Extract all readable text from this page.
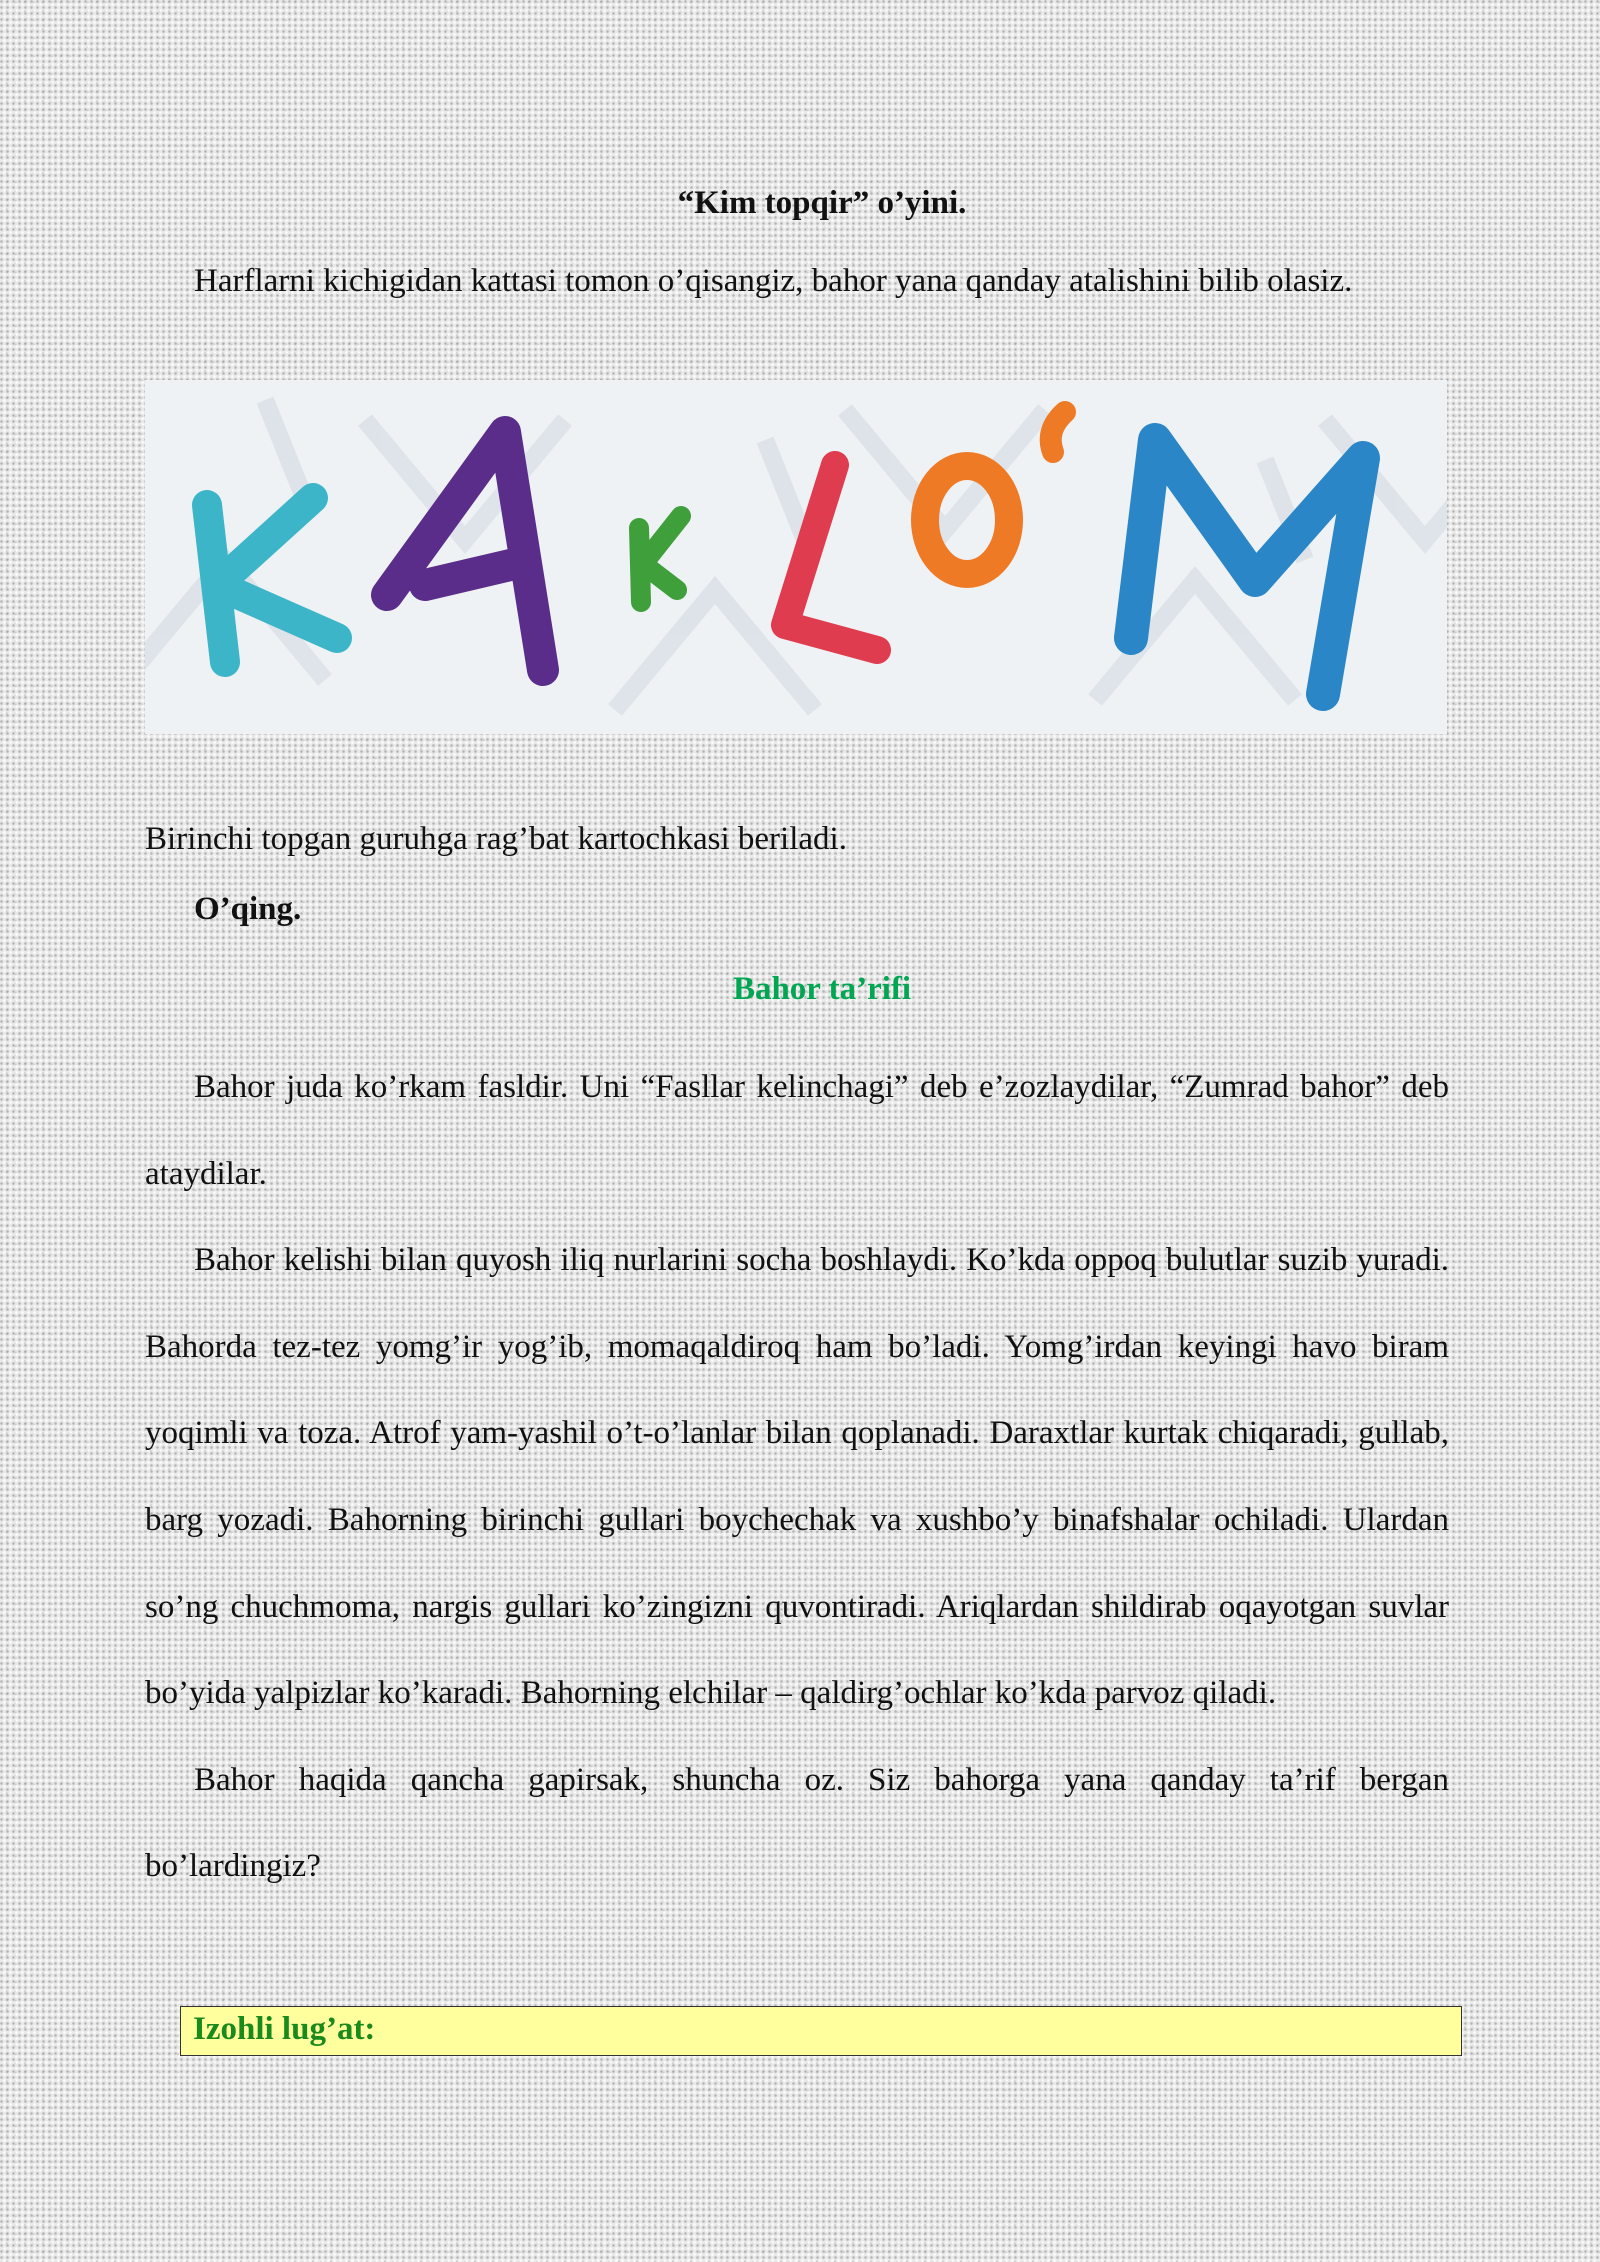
“Kim topqir” o’yini.
Harflarni kichigidan kattasi tomon o’qisangiz, bahor yana qanday atalishini bilib olasiz.
Birinchi topgan guruhga rag’bat kartochkasi beriladi.
O’qing.
Bahor ta’rifi

Bahor juda ko’rkam fasldir. Uni “Fasllar kelinchagi” deb e’zozlaydilar, “Zumrad bahor” deb ataydilar.

Bahor kelishi bilan quyosh iliq nurlarini socha boshlaydi. Ko’kda oppoq bulutlar suzib yuradi. Bahorda tez-tez yomg’ir yog’ib, momaqaldiroq ham bo’ladi. Yomg’irdan keyingi havo biram yoqimli va toza. Atrof yam-yashil o’t-o’lanlar bilan qoplanadi. Daraxtlar kurtak chiqaradi, gullab, barg yozadi. Bahorning birinchi gullari boychechak va xushbo’y binafshalar ochiladi. Ulardan so’ng chuchmoma, nargis gullari ko’zingizni quvontiradi. Ariqlardan shildirab oqayotgan suvlar bo’yida yalpizlar ko’karadi. Bahorning elchilar – qaldirg’ochlar ko’kda parvoz qiladi.

Bahor haqida qancha gapirsak, shuncha oz. Siz bahorga yana qanday ta’rif bergan bo’lardingiz?

Izohli lug’at:
